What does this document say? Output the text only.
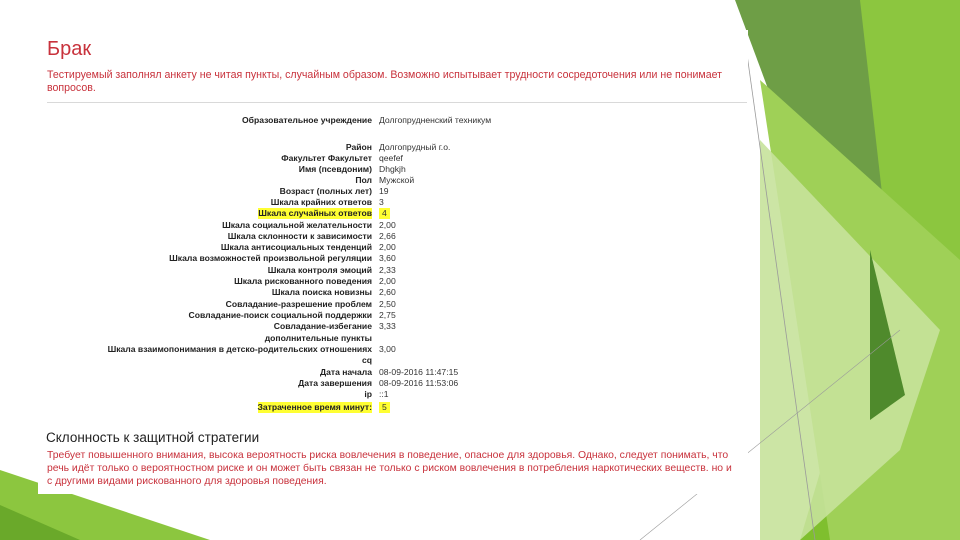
Брак

Тестируемый заполнял анкету не читая пункты, случайным образом. Возможно испытывает трудности сосредоточения или не понимает вопросов.

Образовательное учреждение Долгопрудненский техникум
Район Долгопрудный г.о.
Факультет Факультет qeefef
Имя (псевдоним) Dhgkjh
Пол Мужской
Возраст (полных лет) 19
Шкала крайних ответов 3
Шкала случайных ответов	4
Шкала социальной желательности 2,00
Шкала склонности к зависимости 2,66
Шкала антисоциальных тенденций 2,00
Шкала возможностей произвольной регуляции 3,60
Шкала контроля эмоций 2,33
Шкала рискованного поведения 2,00
Шкала поиска новизны 2,60
Совладание-разрешение проблем 2,50
Совладание-поиск социальной поддержки 2,75
Совладание-избегание 3,33
дополнительные пункты
Шкала взаимопонимания в детско-родительских отношениях 3,00
cq
Дата начала 08-09-2016 11:47:15
Дата завершения 08-09-2016 11:53:06
ip ::1
Затраченное время минут:	5
Склонность к защитной стратегии

Требует повышенного внимания, высока вероятность риска вовлечения в поведение, опасное для здоровья. Однако, следует понимать, что речь идёт только о вероятностном риске и он может быть связан не только с риском вовлечения в потребления наркотических веществ. но и с другими видами рискованного для здоровья поведения.
